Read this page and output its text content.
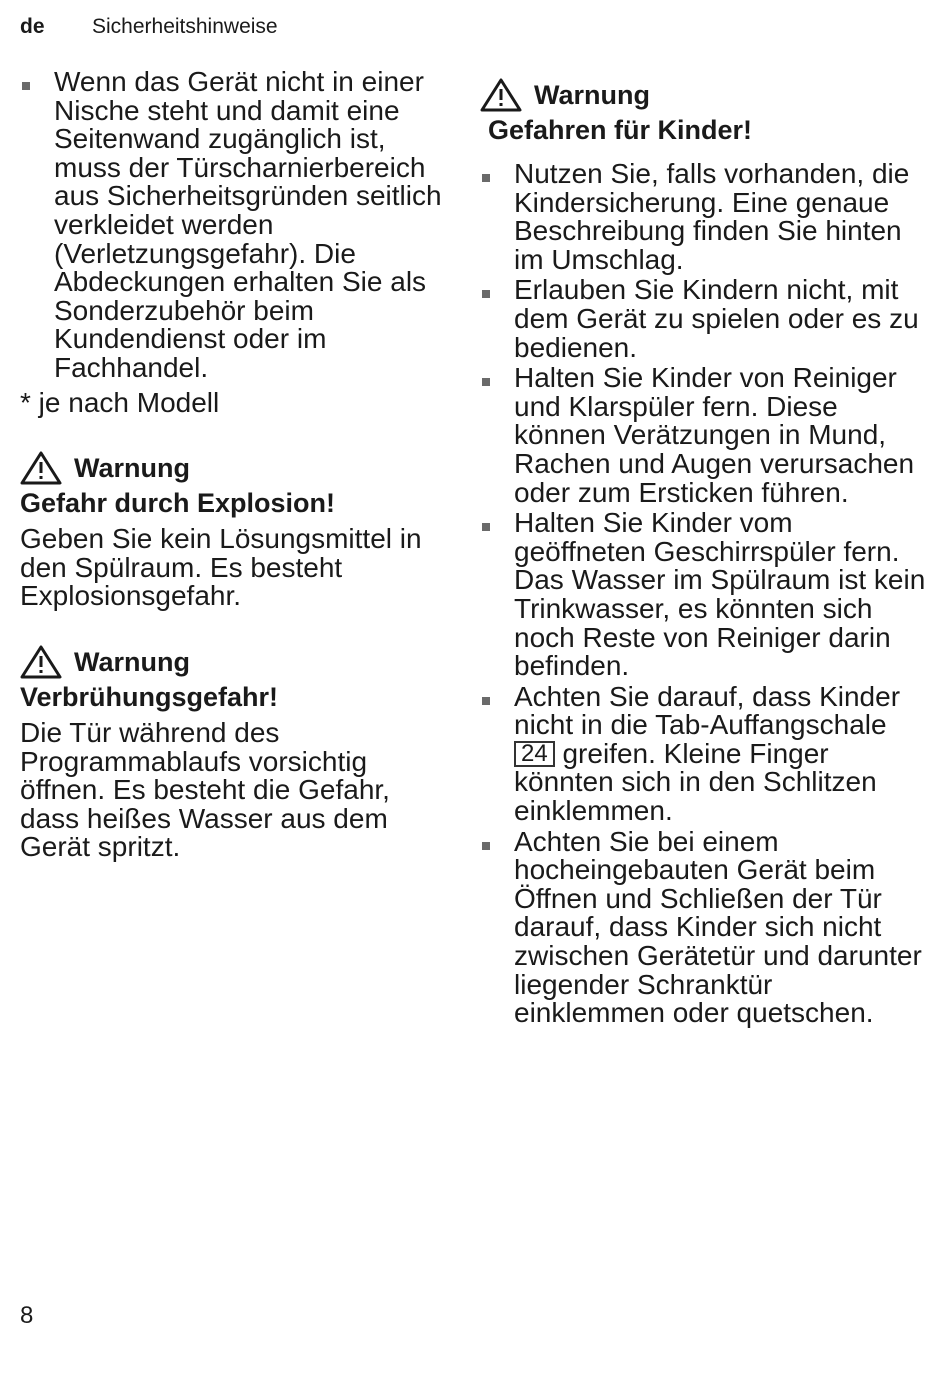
de Sicherheitshinweise
Wenn das Gerät nicht in einer Nische steht und damit eine Seitenwand zugänglich ist, muss der Türscharnierbereich aus Sicherheitsgründen seitlich verkleidet werden (Verletzungsgefahr). Die Abdeckungen erhalten Sie als Sonderzubehör beim Kundendienst oder im Fachhandel.
* je nach Modell
Warnung
Gefahr durch Explosion!
Geben Sie kein Lösungsmittel in den Spülraum. Es besteht Explosionsgefahr.
Warnung
Verbrühungsgefahr!
Die Tür während des Programmablaufs vorsichtig öffnen. Es besteht die Gefahr, dass heißes Wasser aus dem Gerät spritzt.
Warnung
Gefahren für Kinder!
Nutzen Sie, falls vorhanden, die Kindersicherung. Eine genaue Beschreibung finden Sie hinten im Umschlag.
Erlauben Sie Kindern nicht, mit dem Gerät zu spielen oder es zu bedienen.
Halten Sie Kinder von Reiniger und Klarspüler fern. Diese können Verätzungen in Mund, Rachen und Augen verursachen oder zum Ersticken führen.
Halten Sie Kinder vom geöffneten Geschirrspüler fern. Das Wasser im Spülraum ist kein Trinkwasser, es könnten sich noch Reste von Reiniger darin befinden.
Achten Sie darauf, dass Kinder nicht in die Tab-Auffangschale 24 greifen. Kleine Finger könnten sich in den Schlitzen einklemmen.
Achten Sie bei einem hocheingebauten Gerät beim Öffnen und Schließen der Tür darauf, dass Kinder sich nicht zwischen Gerätetür und darunter liegender Schranktür einklemmen oder quetschen.
8
